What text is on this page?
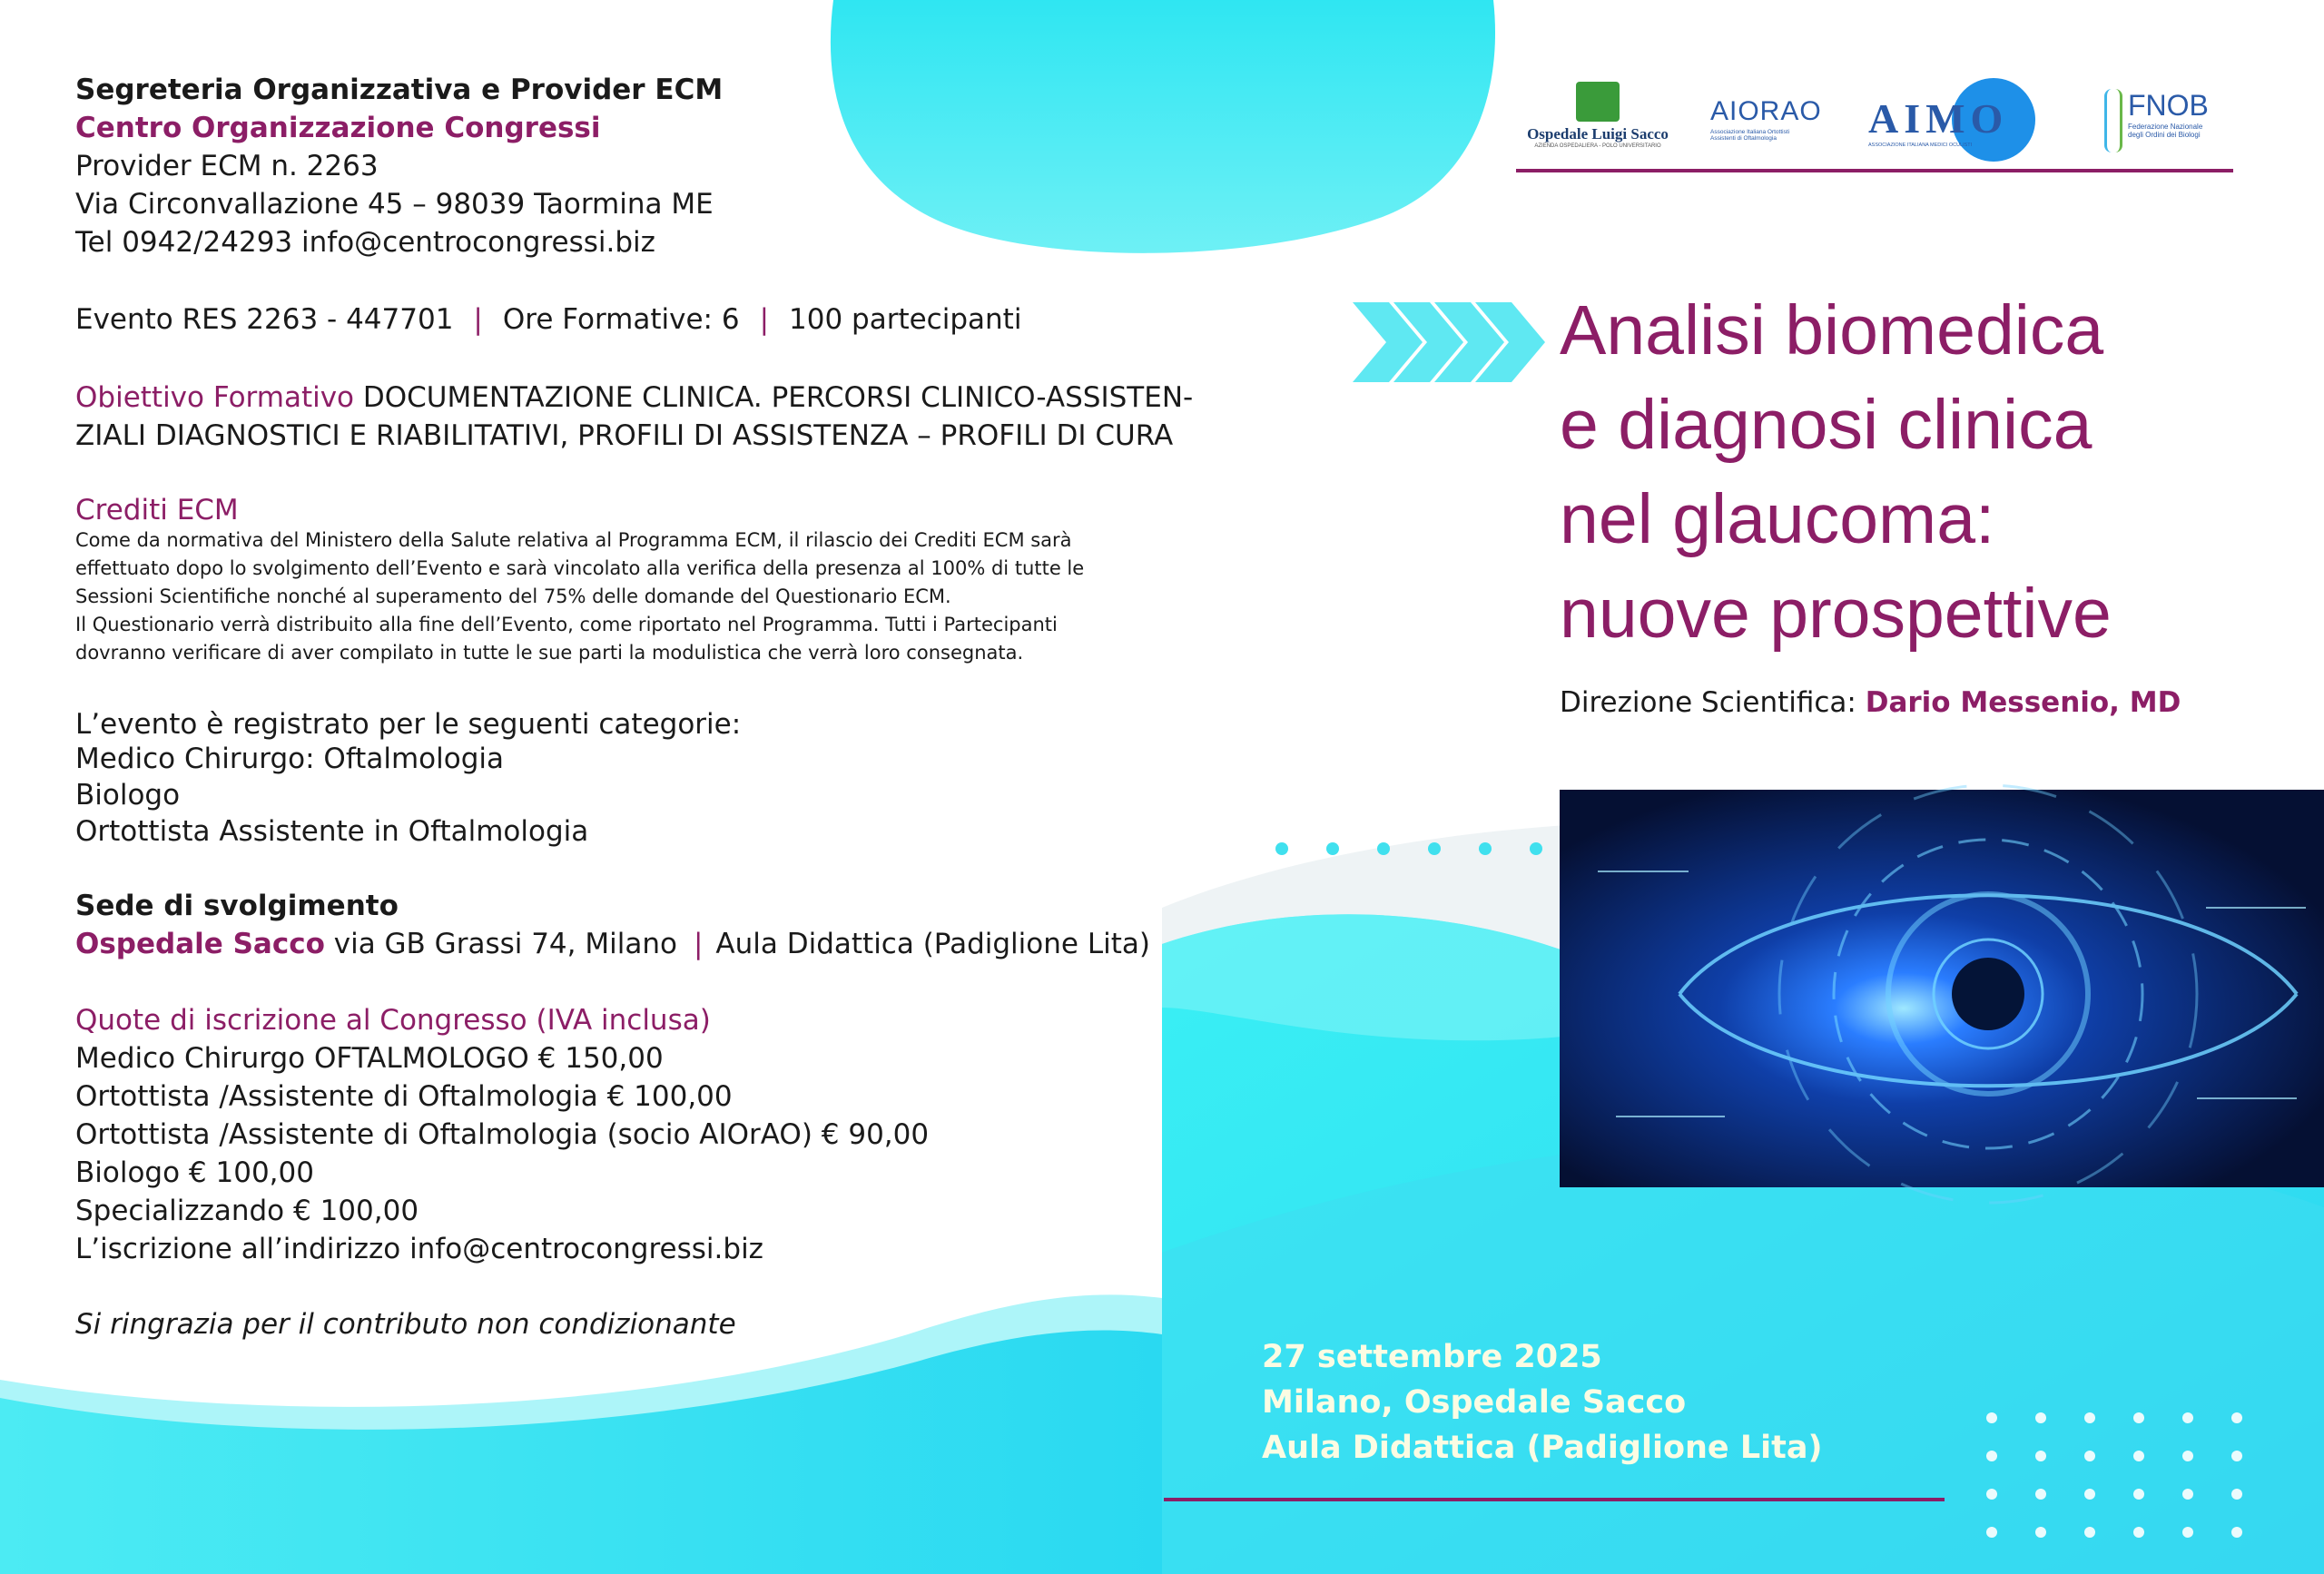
Ospedale Luigi Sacco
AZIENDA OSPEDALIERA - POLO UNIVERSITARIO
AIORAO
Associazione Italiana Ortottisti
Assistenti di Oftalmologia	AIMO
ASSOCIAZIONE ITALIANA MEDICI OCULISTI
FNOB
Federazione Nazionale
degli Ordini dei Biologi
Segreteria Organizzativa e Provider ECM
Centro Organizzazione Congressi
Provider ECM n. 2263
Via Circonvallazione 45 – 98039 Taormina ME
Tel 0942/24293 info@centrocongressi.biz
Evento RES 2263 - 447701 | Ore Formative: 6 | 100 partecipanti
Obiettivo Formativo DOCUMENTAZIONE CLINICA. PERCORSI CLINICO-ASSISTEN-
ZIALI DIAGNOSTICI E RIABILITATIVI, PROFILI DI ASSISTENZA – PROFILI DI CURA
Crediti ECM
Come da normativa del Ministero della Salute relativa al Programma ECM, il rilascio dei Crediti ECM sarà
effettuato dopo lo svolgimento dell’Evento e sarà vincolato alla verifica della presenza al 100% di tutte le
Sessioni Scientifiche nonché al superamento del 75% delle domande del Questionario ECM.
Il Questionario verrà distribuito alla fine dell’Evento, come riportato nel Programma. Tutti i Partecipanti
dovranno verificare di aver compilato in tutte le sue parti la modulistica che verrà loro consegnata.
L’evento è registrato per le seguenti categorie:
Medico Chirurgo: Oftalmologia
Biologo
Ortottista Assistente in Oftalmologia
Sede di svolgimento
Ospedale Sacco via GB Grassi 74, Milano | Aula Didattica (Padiglione Lita)
Quote di iscrizione al Congresso (IVA inclusa)
Medico Chirurgo OFTALMOLOGO € 150,00
Ortottista /Assistente di Oftalmologia € 100,00
Ortottista /Assistente di Oftalmologia (socio AIOrAO) € 90,00
Biologo € 100,00
Specializzando € 100,00
L’iscrizione all’indirizzo info@centrocongressi.biz
Si ringrazia per il contributo non condizionante
Analisi biomedica
e diagnosi clinica
nel glaucoma:
nuove prospettive
Direzione Scientifica: Dario Messenio, MD
27 settembre 2025
Milano, Ospedale Sacco
Aula Didattica (Padiglione Lita)
